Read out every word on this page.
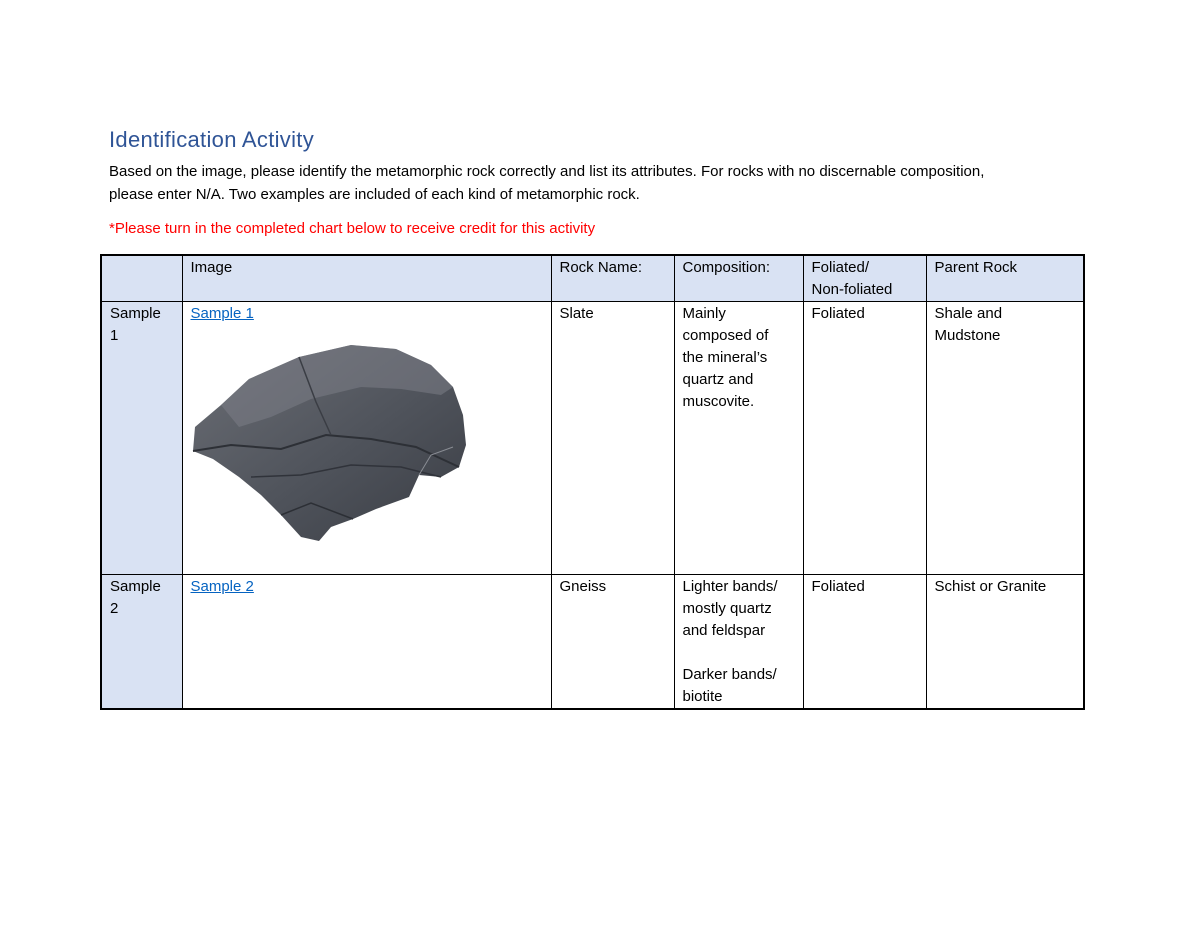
Identification Activity
Based on the image, please identify the metamorphic rock correctly and list its attributes. For rocks with no discernable composition,
please enter N/A. Two examples are included of each kind of metamorphic rock.
*Please turn in the completed chart below to receive credit for this activity
	Image	Rock Name:	Composition:	Foliated/
Non-foliated	Parent Rock
Sample
1	Sample 1	Slate	Mainly
composed of
the mineral’s
quartz and
muscovite.	Foliated	Shale and
Mudstone
Sample
2	Sample 2	Gneiss	Lighter bands/
mostly quartz
and feldspar

Darker bands/
biotite	Foliated	Schist or Granite
